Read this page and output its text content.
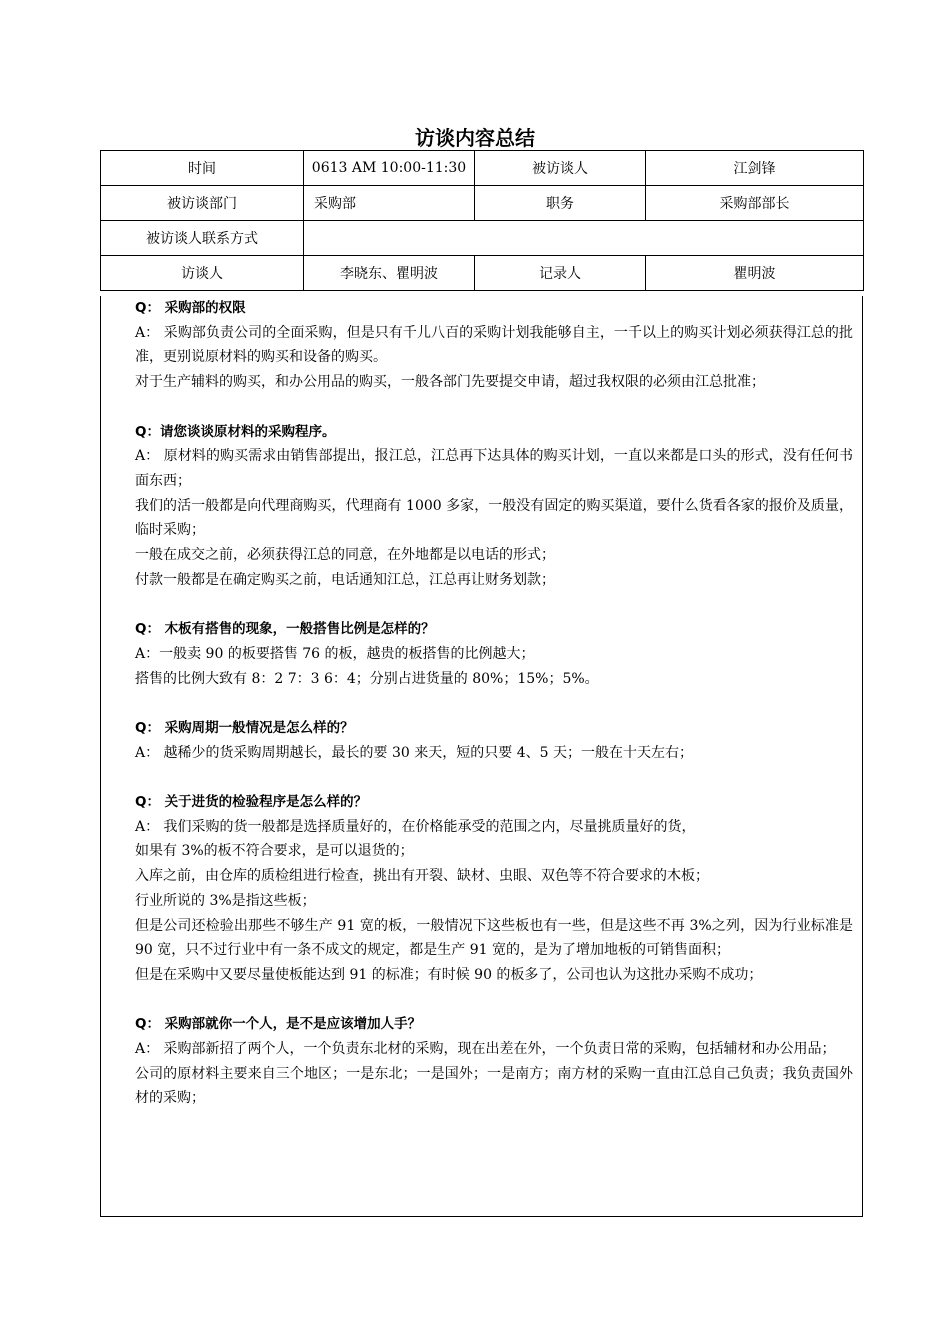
访谈内容总结
时间	0613 AM 10:00-11:30	被访谈人	江剑锋
被访谈部门	采购部	职务	采购部部长
被访谈人联系方式			
访谈人	李晓东、瞿明波	记录人	瞿明波

Q： 采购部的权限

A： 采购部负责公司的全面采购，但是只有千儿八百的采购计划我能够自主，一千以上的购买计划必须获得江总的批准，更别说原材料的购买和设备的购买。

对于生产辅料的购买，和办公用品的购买，一般各部门先要提交申请，超过我权限的必须由江总批准；

Q：请您谈谈原材料的采购程序。

A： 原材料的购买需求由销售部提出，报江总，江总再下达具体的购买计划，一直以来都是口头的形式，没有任何书面东西；

我们的活一般都是向代理商购买，代理商有 1000 多家，一般没有固定的购买渠道，要什么货看各家的报价及质量，临时采购；

一般在成交之前，必须获得江总的同意，在外地都是以电话的形式；

付款一般都是在确定购买之前，电话通知江总，江总再让财务划款；

Q： 木板有搭售的现象，一般搭售比例是怎样的？

A：一般卖 90 的板要搭售 76 的板，越贵的板搭售的比例越大；

搭售的比例大致有 8：2 7：3 6：4；分别占进货量的 80%；15%；5%。

Q： 采购周期一般情况是怎么样的？

A： 越稀少的货采购周期越长，最长的要 30 来天，短的只要 4、5 天；一般在十天左右；

Q： 关于进货的检验程序是怎么样的？

A： 我们采购的货一般都是选择质量好的，在价格能承受的范围之内，尽量挑质量好的货，

如果有 3%的板不符合要求，是可以退货的；

入库之前，由仓库的质检组进行检查，挑出有开裂、缺材、虫眼、双色等不符合要求的木板；

行业所说的 3%是指这些板；

但是公司还检验出那些不够生产 91 宽的板，一般情况下这些板也有一些，但是这些不再 3%之列，因为行业标准是 90 宽，只不过行业中有一条不成文的规定，都是生产 91 宽的，是为了增加地板的可销售面积；

但是在采购中又要尽量使板能达到 91 的标准；有时候 90 的板多了，公司也认为这批办采购不成功；

Q： 采购部就你一个人，是不是应该增加人手？

A： 采购部新招了两个人，一个负责东北材的采购，现在出差在外，一个负责日常的采购，包括辅材和办公用品；

公司的原材料主要来自三个地区；一是东北；一是国外；一是南方；南方材的采购一直由江总自己负责；我负责国外材的采购；
